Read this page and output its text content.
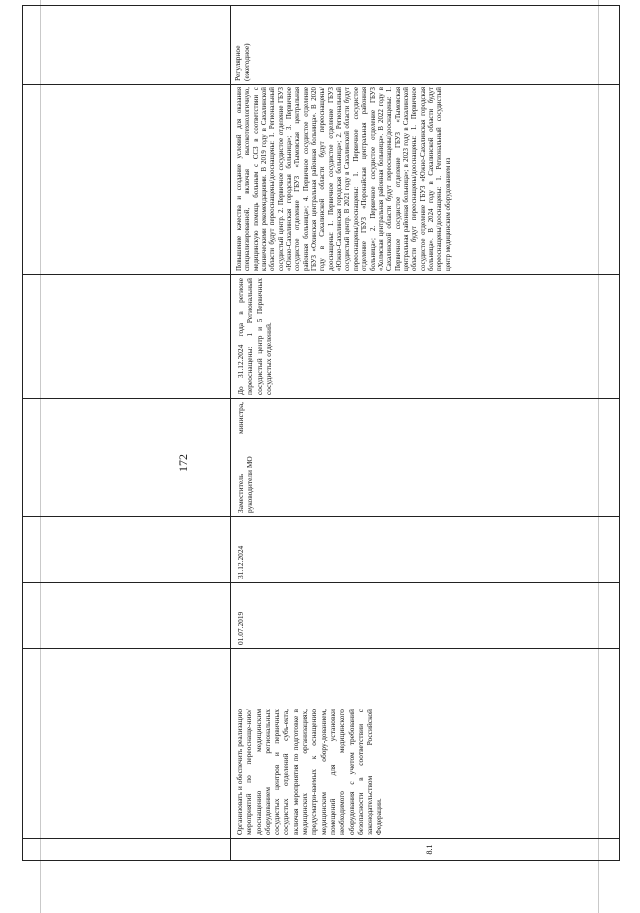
172
8.1
Организовать и обеспечить реализацию мероприятий по переоснаще-нию/дооснащению медицинским оборудованием региональных сосудистых центров и первичных сосудистых отделений субъ-екта, включая мероприятия по подготовке в медицинских организациях, предусматри-ваемых к оснащению медицинским обору-дованием, помещений для установки необходимого медицинского оборудования с учетом требований безопасности в соответствии с законодательством Российской Федерации.
01.07.2019
31.12.2024
Заместитель министра, руководители МО
До 31.12.2024 года в регионе переоснащены: 1 Региональный сосудистый центр и 5 Первичных сосудистых отделений.
Повышение качества и создание условий для оказания специализированной, включая высокотехнологичную, медицинскую помощь больным с ССЗ в соответствии с клиническими рекомендациями. В 2019 году в Сахалинской области будут переоснащены/дооснащены: 1. Региональный сосудистый центр. 2. Первичное сосудистое отделение ГБУЗ «Южно-Сахалинская городская больница»; 3. Первичное сосудистое отделение ГБУЗ «Тымовская центральная районная больница»; 4. Первичное сосудистое отделение ГБУЗ «Охинская центральная районная больница». В 2020 году в Сахалинской области будут переоснащены/дооснащены: 1. Первичное сосудистое отделение ГБУЗ «Южно-Сахалинская городская больница»; 2. Региональный сосудистый центр. В 2021 году в Сахалинской области будут переоснащены/дооснащены: 1. Первичное сосудистое отделение ГБУЗ «Поронайская центральная районная больница»; 2. Первичное сосудистое отделение ГБУЗ «Холмская центральная районная больница». В 2022 году в Сахалинской области будут переоснащены/дооснащены: 1. Первичное сосудистое отделение ГБУЗ «Тымовская центральная районная больница»; в 2023 году в Сахалинской области будут переоснащены/дооснащены: 1. Первичное сосудистое отделение ГБУЗ «Южно-Сахалинская городская больница». В 2024 году в Сахалинской области будут переоснащены/дооснащены: 1. Региональный сосудистый центр медицинским оборудованием из
Регулярное (ежегодное)
